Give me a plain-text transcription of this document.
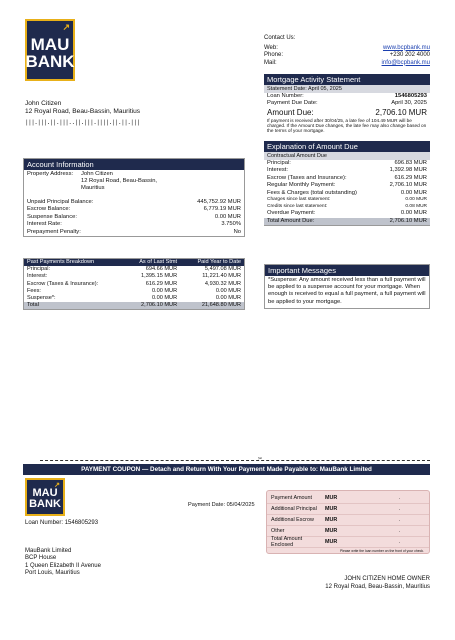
↗
MAU
BANK
Contact Us:
Web:	www.bcpbank.mu
Phone:	+230 202 4000
Mail:	info@bcpbank.mu
John Citizen
12 Royal Road, Beau-Bassin, Mauritius
|||.|||.||.|||..||.|||.||||.||.||.|||
Mortgage Activity Statement
Statement Date: April 05, 2025
Loan Number:	1546805293
Payment Due Date:	April 30, 2025
Amount Due:	2,706.10 MUR
If payment is received after 30/04/25, a late fee of 104.49 MUR will be charged. If the Amount Due changes, the late fee may also change based on the terms of your mortgage.
Explanation of Amount Due
Contractual Amount Due
Principal:	696.83 MUR
Interest:	1,392.98 MUR
Escrow (Taxes and Insurance):	616.29 MUR
Regular Monthly Payment:	2,706.10 MUR
Fees & Charges (total outstanding)	0.00 MUR
Charges since last statement:	0.00 MUR
Credits since last statement:	0.08 MUR
Overdue Payment:	0.00 MUR
Total Amount Due:	2,706.10 MUR
Account Information
Property Address:	John Citizen
12 Royal Road, Beau-Bassin,
Mauritius
Unpaid Principal Balance:	445,752.92 MUR
Escrow Balance:	6,779.19 MUR
Suspense Balance:	0.00 MUR
Interest Rate:	3.750%
Prepayment Penalty:	No
Past Payments Breakdown	As of Last Stmt	Paid Year to Date
Principal:	694.66 MUR	5,497.08 MUR
Interest:	1,395.15 MUR	11,221.40 MUR
Escrow (Taxes & Insurance):	616.29 MUR	4,930.32 MUR
Fees:	0.00 MUR	0.00 MUR
Suspense*:	0.00 MUR	0.00 MUR
Total	2,706.10 MUR	21,648.80 MUR
Important Messages
*Suspense: Any amount received less than a full payment will be applied to a suspense account for your mortgage. When enough is received to equal a full payment, a full payment will be applied to your mortgage.
✂
PAYMENT COUPON — Detach and Return With Your Payment Made Payable to: MauBank Limited
↗
MAU
BANK
Loan Number: 1546805293
Payment Date: 05/04/2025
Payment Amount	MUR	.
Additional Principal	MUR	.
Additional Escrow	MUR	.
Other	MUR	.
Total Amount Enclosed	MUR	.
Please write the loan number on the front of your check.
MauBank Limited
BCP House
1 Queen Elizabeth II Avenue
Port Louis, Mauritius
JOHN CITIZEN HOME OWNER
12 Royal Road, Beau-Bassin, Mauritius
